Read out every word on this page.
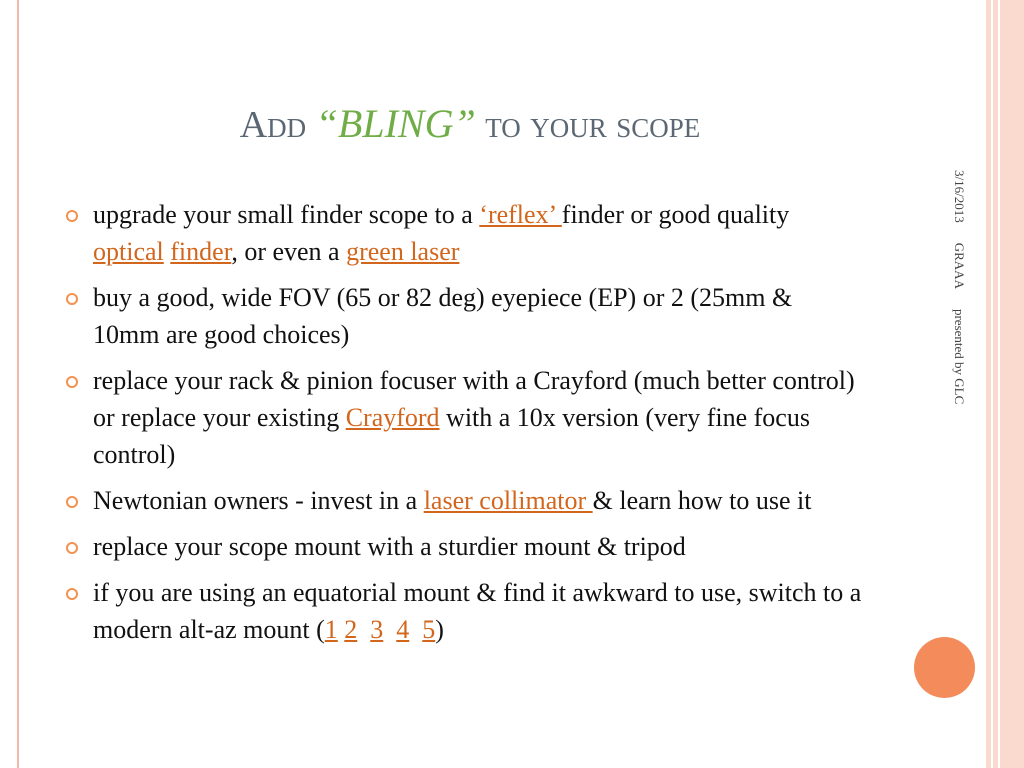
3/16/2013
GRAAA
presented by GLC
Add “BLING” to your scope
upgrade your small finder scope to a ‘reflex’ finder or good quality optical finder, or even a green laser
buy a good, wide FOV (65 or 82 deg) eyepiece (EP) or 2 (25mm & 10mm are good choices)
replace your rack & pinion focuser with a Crayford (much better control) or replace your existing Crayford with a 10x version (very fine focus control)
Newtonian owners - invest in a laser collimator & learn how to use it
replace your scope mount with a sturdier mount & tripod
if you are using an equatorial mount & find it awkward to use, switch to a modern alt-az mount (1 2 3 4 5)
